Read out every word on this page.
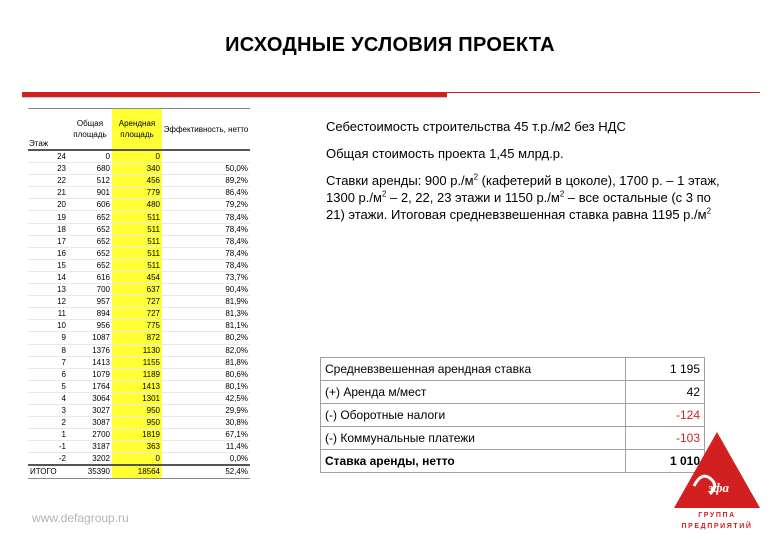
ИСХОДНЫЕ УСЛОВИЯ ПРОЕКТА
Этаж	Общая площадь	Арендная площадь	Эффективность, нетто
24	0	0	
23	680	340	50,0%
22	512	456	89,2%
21	901	779	86,4%
20	606	480	79,2%
19	652	511	78,4%
18	652	511	78,4%
17	652	511	78,4%
16	652	511	78,4%
15	652	511	78,4%
14	616	454	73,7%
13	700	637	90,4%
12	957	727	81,9%
11	894	727	81,3%
10	956	775	81,1%
9	1087	872	80,2%
8	1376	1130	82,0%
7	1413	1155	81,8%
6	1079	1189	80,6%
5	1764	1413	80,1%
4	3064	1301	42,5%
3	3027	950	29,9%
2	3087	950	30,8%
1	2700	1819	67,1%
-1	3187	363	11,4%
-2	3202	0	0,0%
ИТОГО	35390	18564	52,4%

Себестоимость строительства 45 т.р./м2 без НДС

Общая стоимость проекта 1,45 млрд.р.

Ставки аренды: 900 $р./м^2$ (кафетерий в цоколе), 1700 р. – 1 этаж, 1300 $р./м^2 - 2$, 22, 23 этажи и 1150 $р./м^2$ – все остальные (с 3 по 21) этажи. Итоговая средневзвешенная ставка равна 1195 $р./м^2$

Средневзвешенная арендная ставка	1 195
(+) Аренда м/мест	42
(-) Оборотные налоги	-124
(-) Коммунальные платежи	-103
Ставка аренды, нетто	1 010
www.defagroup.ru
эфа
ГРУППА
ПРЕДПРИЯТИЙ
